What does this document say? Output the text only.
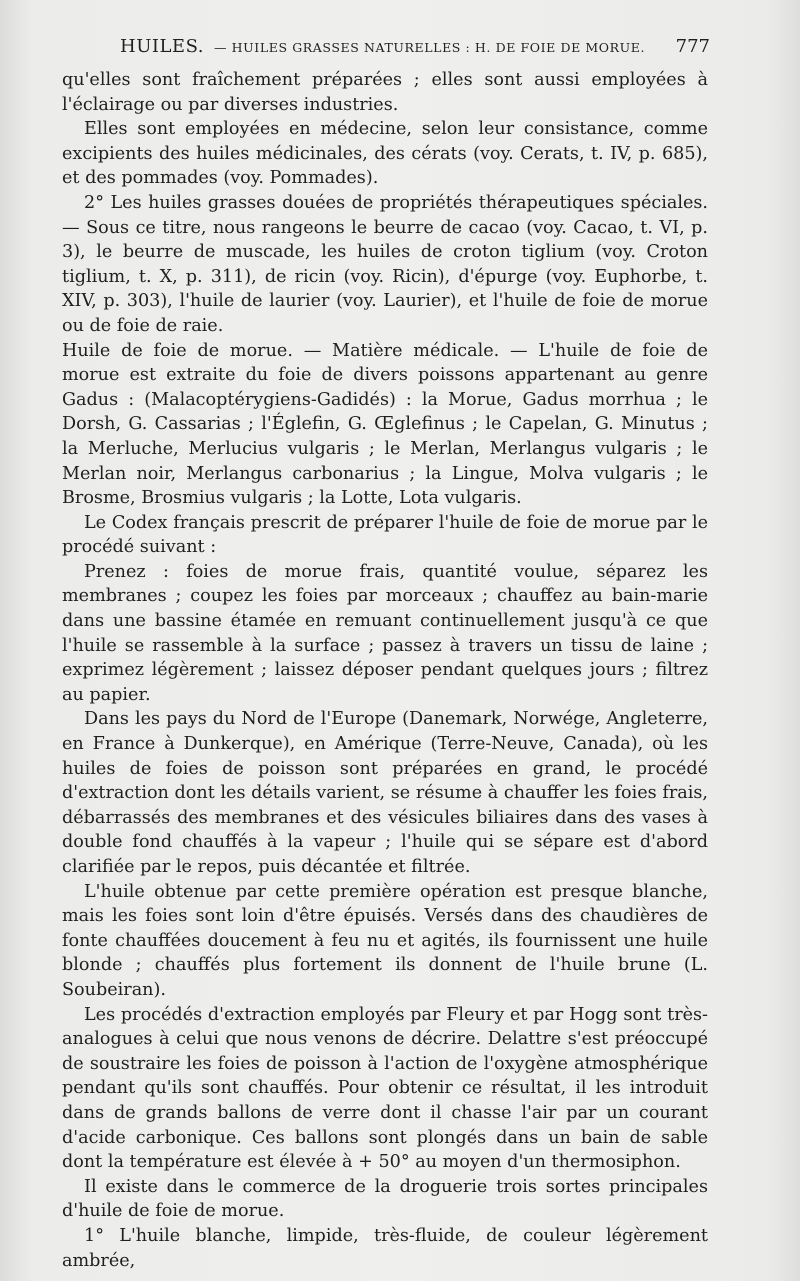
HUILES. — HUILES GRASSES NATURELLES : H. DE FOIE DE MORUE. 777

qu'elles sont fraîchement préparées ; elles sont aussi employées à l'éclairage ou par diverses industries.

Elles sont employées en médecine, selon leur consistance, comme excipients des huiles médicinales, des cérats (voy. Cerats, t. IV, p. 685), et des pommades (voy. Pommades).

2° Les huiles grasses douées de propriétés thérapeutiques spéciales. — Sous ce titre, nous rangeons le beurre de cacao (voy. Cacao, t. VI, p. 3), le beurre de muscade, les huiles de croton tiglium (voy. Croton tiglium, t. X, p. 311), de ricin (voy. Ricin), d'épurge (voy. Euphorbe, t. XIV, p. 303), l'huile de laurier (voy. Laurier), et l'huile de foie de morue ou de foie de raie.

Huile de foie de morue. — Matière médicale. — L'huile de foie de morue est extraite du foie de divers poissons appartenant au genre Gadus : (Malacoptérygiens-Gadidés) : la Morue, Gadus morrhua ; le Dorsh, G. Cassarias ; l'Églefin, G. Œglefinus ; le Capelan, G. Minutus ; la Merluche, Merlucius vulgaris ; le Merlan, Merlangus vulgaris ; le Merlan noir, Merlangus carbonarius ; la Lingue, Molva vulgaris ; le Brosme, Brosmius vulgaris ; la Lotte, Lota vulgaris.

Le Codex français prescrit de préparer l'huile de foie de morue par le procédé suivant :

Prenez : foies de morue frais, quantité voulue, séparez les membranes ; coupez les foies par morceaux ; chauffez au bain-marie dans une bassine étamée en remuant continuellement jusqu'à ce que l'huile se rassemble à la surface ; passez à travers un tissu de laine ; exprimez légèrement ; laissez déposer pendant quelques jours ; filtrez au papier.

Dans les pays du Nord de l'Europe (Danemark, Norwége, Angleterre, en France à Dunkerque), en Amérique (Terre-Neuve, Canada), où les huiles de foies de poisson sont préparées en grand, le procédé d'extraction dont les détails varient, se résume à chauffer les foies frais, débarrassés des membranes et des vésicules biliaires dans des vases à double fond chauffés à la vapeur ; l'huile qui se sépare est d'abord clarifiée par le repos, puis décantée et filtrée.

L'huile obtenue par cette première opération est presque blanche, mais les foies sont loin d'être épuisés. Versés dans des chaudières de fonte chauffées doucement à feu nu et agités, ils fournissent une huile blonde ; chauffés plus fortement ils donnent de l'huile brune (L. Soubeiran).

Les procédés d'extraction employés par Fleury et par Hogg sont très-analogues à celui que nous venons de décrire. Delattre s'est préoccupé de soustraire les foies de poisson à l'action de l'oxygène atmosphérique pendant qu'ils sont chauffés. Pour obtenir ce résultat, il les introduit dans de grands ballons de verre dont il chasse l'air par un courant d'acide carbonique. Ces ballons sont plongés dans un bain de sable dont la température est élevée à + 50° au moyen d'un thermosiphon.

Il existe dans le commerce de la droguerie trois sortes principales d'huile de foie de morue.

1° L'huile blanche, limpide, très-fluide, de couleur légèrement ambrée,
